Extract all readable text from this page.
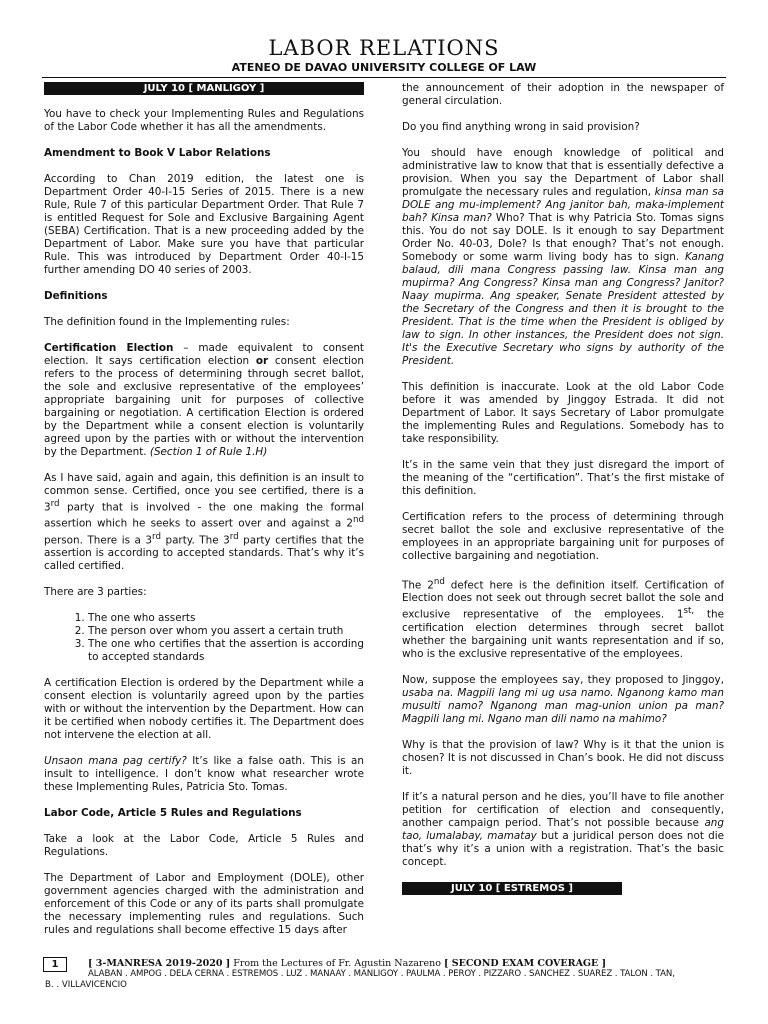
LABOR RELATIONS
ATENEO DE DAVAO UNIVERSITY COLLEGE OF LAW
JULY 10 [ MANLIGOY ]

You have to check your Implementing Rules and Regulations of the Labor Code whether it has all the amendments.

Amendment to Book V Labor Relations

According to Chan 2019 edition, the latest one is Department Order 40-I-15 Series of 2015. There is a new Rule, Rule 7 of this particular Department Order. That Rule 7 is entitled Request for Sole and Exclusive Bargaining Agent (SEBA) Certification. That is a new proceeding added by the Department of Labor. Make sure you have that particular Rule. This was introduced by Department Order 40-I-15 further amending DO 40 series of 2003.

Definitions

The definition found in the Implementing rules:

Certification Election – made equivalent to consent election. It says certification election or consent election refers to the process of determining through secret ballot, the sole and exclusive representative of the employees’ appropriate bargaining unit for purposes of collective bargaining or negotiation. A certification Election is ordered by the Department while a consent election is voluntarily agreed upon by the parties with or without the intervention by the Department. (Section 1 of Rule 1.H)

As I have said, again and again, this definition is an insult to common sense. Certified, once you see certified, there is a 3rd party that is involved - the one making the formal assertion which he seeks to assert over and against a 2nd person. There is a 3rd party. The 3rd party certifies that the assertion is according to accepted standards. That’s why it’s called certified.

There are 3 parties:

1. The one who asserts
2. The person over whom you assert a certain truth
3. The one who certifies that the assertion is according to accepted standards

A certification Election is ordered by the Department while a consent election is voluntarily agreed upon by the parties with or without the intervention by the Department. How can it be certified when nobody certifies it. The Department does not intervene the election at all.

Unsaon mana pag certify? It’s like a false oath. This is an insult to intelligence. I don’t know what researcher wrote these Implementing Rules, Patricia Sto. Tomas.

Labor Code, Article 5 Rules and Regulations

Take a look at the Labor Code, Article 5 Rules and Regulations.

The Department of Labor and Employment (DOLE), other government agencies charged with the administration and enforcement of this Code or any of its parts shall promulgate the necessary implementing rules and regulations. Such rules and regulations shall become effective 15 days after

the announcement of their adoption in the newspaper of general circulation.

Do you find anything wrong in said provision?

You should have enough knowledge of political and administrative law to know that that is essentially defective a provision. When you say the Department of Labor shall promulgate the necessary rules and regulation, kinsa man sa DOLE ang mu-implement? Ang janitor bah, maka-implement bah? Kinsa man? Who? That is why Patricia Sto. Tomas signs this. You do not say DOLE. Is it enough to say Department Order No. 40-03, Dole? Is that enough? That’s not enough. Somebody or some warm living body has to sign. Kanang balaud, dili mana Congress passing law. Kinsa man ang mupirma? Ang Congress? Kinsa man ang Congress? Janitor? Naay mupirma. Ang speaker, Senate President attested by the Secretary of the Congress and then it is brought to the President. That is the time when the President is obliged by law to sign. In other instances, the President does not sign. It's the Executive Secretary who signs by authority of the President.

This definition is inaccurate. Look at the old Labor Code before it was amended by Jinggoy Estrada. It did not Department of Labor. It says Secretary of Labor promulgate the implementing Rules and Regulations. Somebody has to take responsibility.

It’s in the same vein that they just disregard the import of the meaning of the “certification”. That’s the first mistake of this definition.

Certification refers to the process of determining through secret ballot the sole and exclusive representative of the employees in an appropriate bargaining unit for purposes of collective bargaining and negotiation.

The 2nd defect here is the definition itself. Certification of Election does not seek out through secret ballot the sole and exclusive representative of the employees. $1^{st,}$ the certification election determines through secret ballot whether the bargaining unit wants representation and if so, who is the exclusive representative of the employees.

Now, suppose the employees say, they proposed to Jinggoy, usaba na. Magpili lang mi ug usa namo. Nganong kamo man musulti namo? Nganong man mag-union union pa man? Magpili lang mi. Ngano man dili namo na mahimo?

Why is that the provision of law? Why is it that the union is chosen? It is not discussed in Chan’s book. He did not discuss it.

If it’s a natural person and he dies, you’ll have to file another petition for certification of election and consequently, another campaign period. That’s not possible because ang tao, lumalabay, mamatay but a juridical person does not die that’s why it’s a union with a registration. That’s the basic concept.

JULY 10 [ ESTREMOS ]
1	[ 3-MANRESA 2019-2020 ] From the Lectures of Fr. Agustin Nazareno [ SECOND EXAM COVERAGE ]
ALABAN . AMPOG . DELA CERNA . ESTREMOS . LUZ . MANAAY . MANLIGOY . PAULMA . PEROY . PIZZARO . SANCHEZ . SUAREZ . TALON . TAN,
B. . VILLAVICENCIO
